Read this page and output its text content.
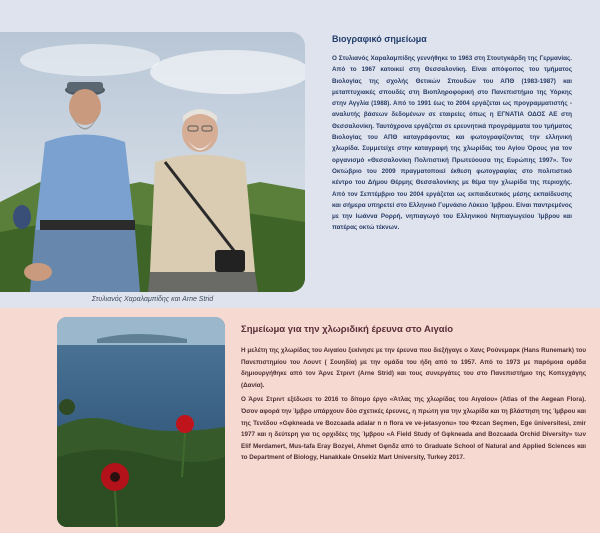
Στυλιανός Χαραλαμπίδης και Arne Strid
Βιογραφικό σημείωμα

Ο Στυλιανός Χαραλαμπίδης γεννήθηκε το 1963 στη Στουτγκάρδη της Γερμανίας. Από το 1967 κατοικεί στη Θεσσαλονίκη. Είναι απόφοιτος του τμήματος Βιολογίας της σχολής Θετικών Σπουδών του ΑΠΘ (1983-1987) και μεταπτυχιακές σπουδές στη Βιοπληροφορική στο Πανεπιστήμιο της Υόρκης στην Αγγλία (1988). Από το 1991 έως το 2004 εργάζεται ως προγραμματιστής - αναλυτής βάσεων δεδομένων σε εταιρείες όπως η ΕΓΝΑΤΙΑ ΟΔΟΣ ΑΕ στη Θεσσαλονίκη. Ταυτόχρονα εργάζεται σε ερευνητικά προγράμματα του τμήματος Βιολογίας του ΑΠΘ καταγράφοντας και φωτογραφίζοντας την ελληνική χλωρίδα. Συμμετείχε στην καταγραφή της χλωρίδας του Αγίου Όρους για τον οργανισμό «Θεσσαλονίκη Πολιτιστική Πρωτεύουσα της Ευρώπης 1997». Τον Οκτώβριο του 2009 πραγματοποιεί έκθεση φωτογραφίας στο πολιτιστικό κέντρο του Δήμου Θέρμης Θεσσαλονίκης με θέμα την χλωρίδα της περιοχής. Από τον Σεπτέμβριο του 2004 εργάζεται ως εκπαιδευτικός μέσης εκπαίδευσης και σήμερα υπηρετεί στο Ελληνικό Γυμνάσιο Λύκειο Ίμβρου. Είναι παντρεμένος με την Ιωάννα Ρορρή, νηπιαγωγό του Ελληνικού Νηπιαγωγείου Ίμβρου και πατέρας οκτώ τέκνων.

Σημείωμα για την χλωριδική έρευνα στο Αιγαίο

Η μελέτη της χλωρίδας του Αιγαίου ξεκίνησε με την έρευνα που διεξήγαγε ο Χανς Ρούνεμαρκ (Hans Runemark) του Πανεπιστημίου του Λουντ ( Σουηδία) με την ομάδα του ήδη από το 1957. Από το 1973 με παρόμοια ομάδα δημιουργήθηκε από τον Άρνε Στριντ (Arne Strid) και τους συνεργάτες του στο Πανεπιστήμιο της Κοπεγχάγης (Δανία).

Ο Άρνε Στριντ εξέδωσε το 2016 το δίτομο έργο «Άτλας της χλωρίδας του Αιγαίου» (Atlas of the Aegean Flora). Όσον αφορά την Ίμβρο υπάρχουν δύο σχετικές έρευνες, η πρώτη για την χλωρίδα και τη βλάστηση της Ίμβρου και της Τενέδου «Gφkneada ve Bozcaada adalar n n flora ve ve-jetasyonu» του Φzcan Seçmen, Ege üniversitesi, zmir 1977 και η δεύτερη για τις ορχιδέες της Ίμβρου «A Field Study of Gφkneada and Bozcaada Orchid Diversity» των Elif Merdamert, Mus-tafa Eray Bozyel, Ahmet Gφnδz από το Graduate School of Natural and Applied Sciences και το Department of Biology, Hanakkale Onsekiz Mart University, Turkey 2017.
